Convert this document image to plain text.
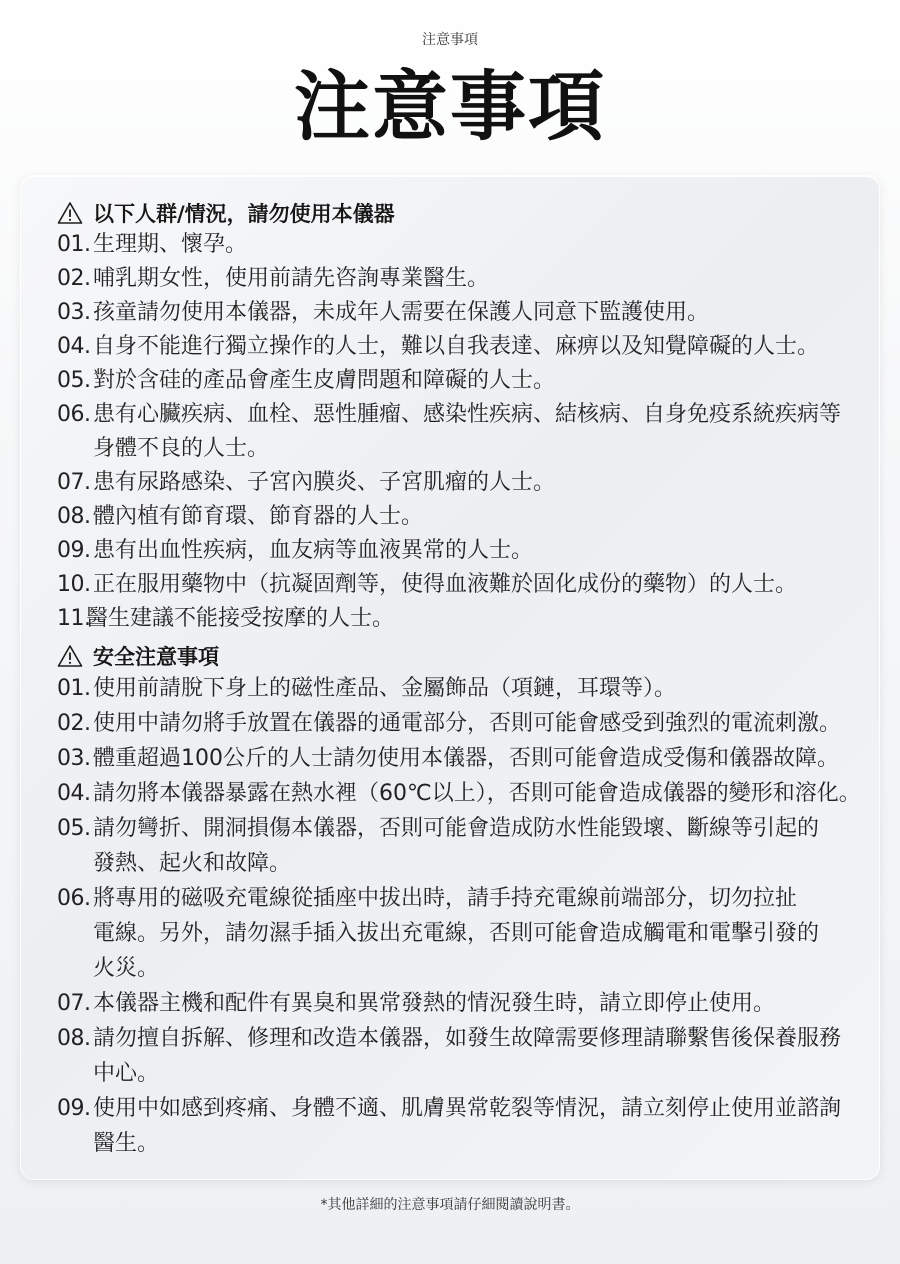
注意事項
注意事項
以下人群/情況，請勿使用本儀器
01. 生理期、懷孕。
02. 哺乳期女性，使用前請先咨詢專業醫生。
03. 孩童請勿使用本儀器，未成年人需要在保護人同意下監護使用。
04. 自身不能進行獨立操作的人士，難以自我表達、麻痹以及知覺障礙的人士。
05. 對於含硅的產品會產生皮膚問題和障礙的人士。
06. 患有心臟疾病、血栓、惡性腫瘤、感染性疾病、結核病、自身免疫系統疾病等
身體不良的人士。
07. 患有尿路感染、子宮內膜炎、子宮肌瘤的人士。
08. 體內植有節育環、節育器的人士。
09. 患有出血性疾病，血友病等血液異常的人士。
10. 正在服用藥物中（抗凝固劑等，使得血液難於固化成份的藥物）的人士。
11.
醫生建議不能接受按摩的人士。
安全注意事項
01. 使用前請脫下身上的磁性產品、金屬飾品（項鏈，耳環等）。
02. 使用中請勿將手放置在儀器的通電部分，否則可能會感受到強烈的電流刺激。
03. 體重超過100公斤的人士請勿使用本儀器，否則可能會造成受傷和儀器故障。
04. 請勿將本儀器暴露在熱水裡（60℃以上），否則可能會造成儀器的變形和溶化。
05. 請勿彎折、開洞損傷本儀器，否則可能會造成防水性能毀壞、斷線等引起的
發熱、起火和故障。
06. 將專用的磁吸充電線從插座中拔出時，請手持充電線前端部分，切勿拉扯
電線。另外，請勿濕手插入拔出充電線，否則可能會造成觸電和電擊引發的
火災。
07. 本儀器主機和配件有異臭和異常發熱的情況發生時，請立即停止使用。
08. 請勿擅自拆解、修理和改造本儀器，如發生故障需要修理請聯繫售後保養服務
中心。
09. 使用中如感到疼痛、身體不適、肌膚異常乾裂等情況，請立刻停止使用並諮詢
醫生。
*其他詳細的注意事項請仔細閱讀說明書。
